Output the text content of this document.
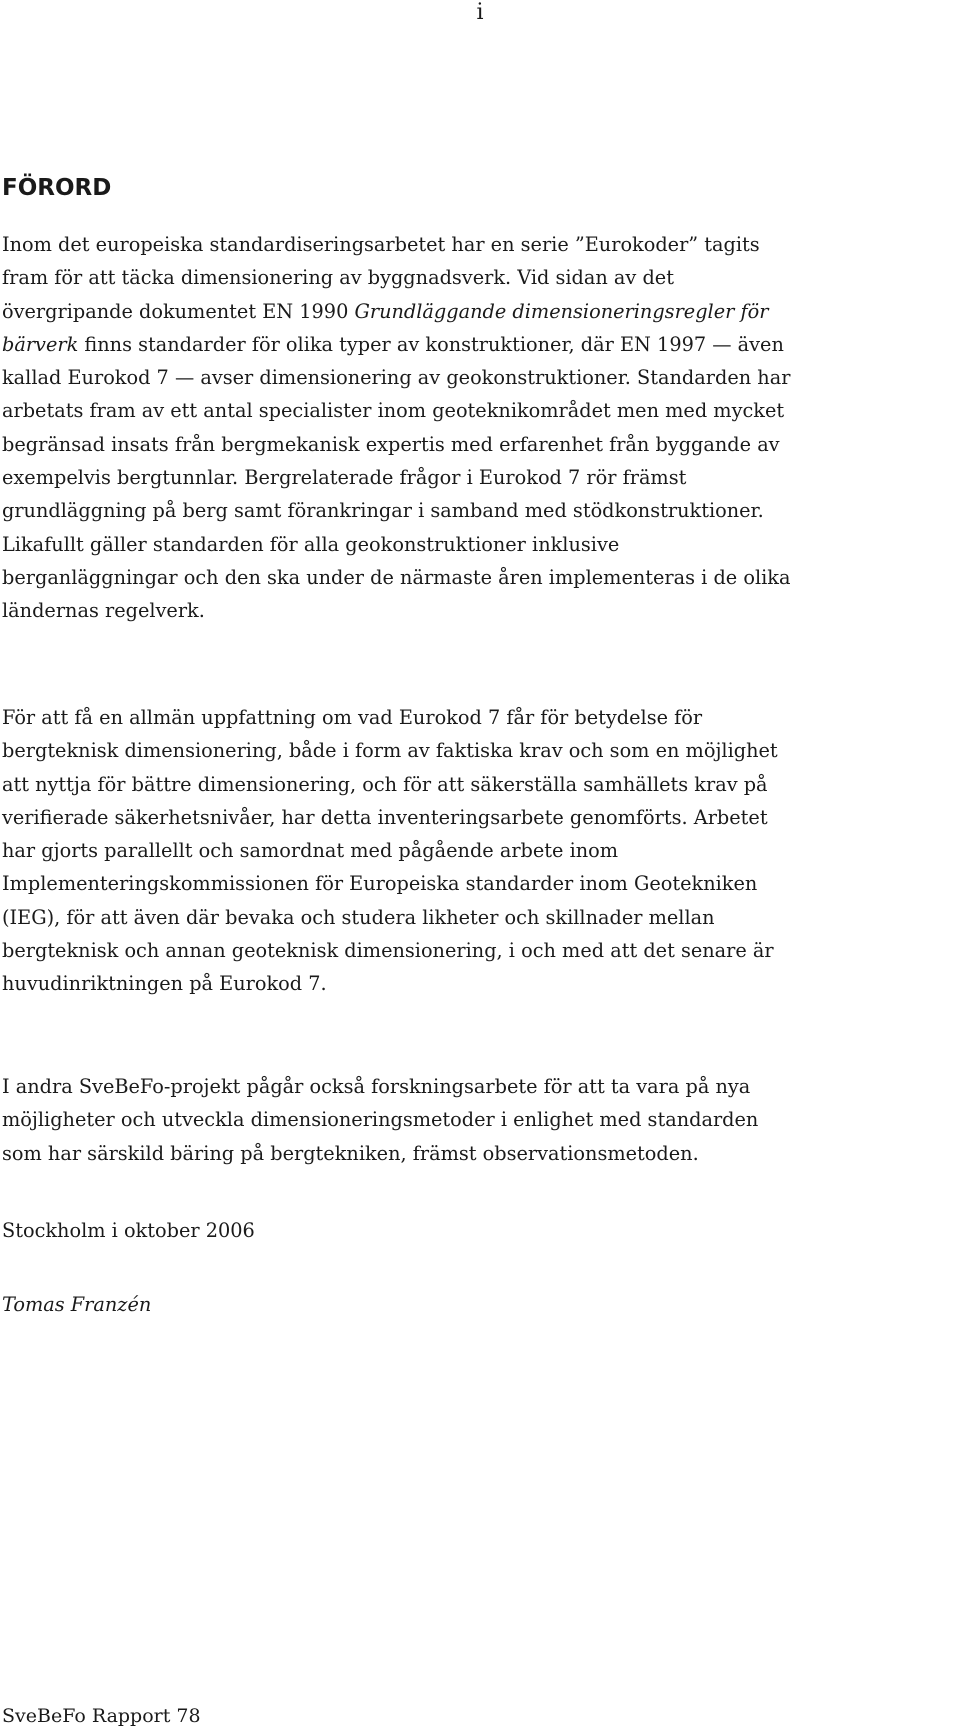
i
FÖRORD

Inom det europeiska standardiseringsarbetet har en serie ”Eurokoder” tagits
fram för att täcka dimensionering av byggnadsverk. Vid sidan av det
övergripande dokumentet EN 1990 Grundläggande dimensioneringsregler för
bärverk finns standarder för olika typer av konstruktioner, där EN 1997 — även
kallad Eurokod 7 — avser dimensionering av geokonstruktioner. Standarden har
arbetats fram av ett antal specialister inom geoteknikområdet men med mycket
begränsad insats från bergmekanisk expertis med erfarenhet från byggande av
exempelvis bergtunnlar. Bergrelaterade frågor i Eurokod 7 rör främst
grundläggning på berg samt förankringar i samband med stödkonstruktioner.
Likafullt gäller standarden för alla geokonstruktioner inklusive
berganläggningar och den ska under de närmaste åren implementeras i de olika
ländernas regelverk.

För att få en allmän uppfattning om vad Eurokod 7 får för betydelse för
bergteknisk dimensionering, både i form av faktiska krav och som en möjlighet
att nyttja för bättre dimensionering, och för att säkerställa samhällets krav på
verifierade säkerhetsnivåer, har detta inventeringsarbete genomförts. Arbetet
har gjorts parallellt och samordnat med pågående arbete inom
Implementeringskommissionen för Europeiska standarder inom Geotekniken
(IEG), för att även där bevaka och studera likheter och skillnader mellan
bergteknisk och annan geoteknisk dimensionering, i och med att det senare är
huvudinriktningen på Eurokod 7.

I andra SveBeFo-projekt pågår också forskningsarbete för att ta vara på nya
möjligheter och utveckla dimensioneringsmetoder i enlighet med standarden
som har särskild bäring på bergtekniken, främst observationsmetoden.

Stockholm i oktober 2006

Tomas Franzén

SveBeFo Rapport 78
